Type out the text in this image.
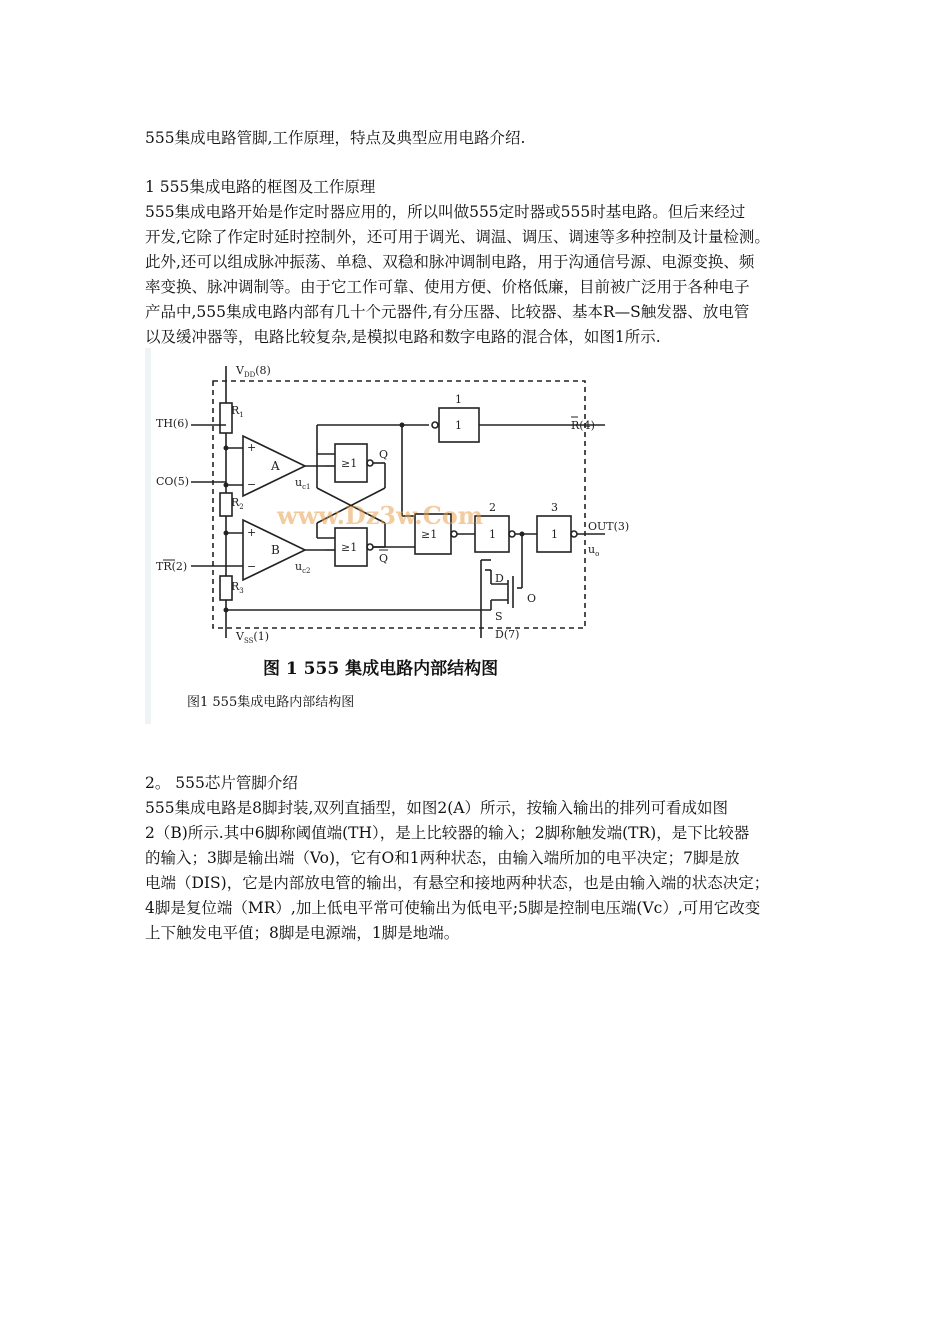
555集成电路管脚,工作原理，特点及典型应用电路介绍.
1 555集成电路的框图及工作原理
555集成电路开始是作定时器应用的，所以叫做555定时器或555时基电路。但后来经过
开发,它除了作定时延时控制外，还可用于调光、调温、调压、调速等多种控制及计量检测。
此外,还可以组成脉冲振荡、单稳、双稳和脉冲调制电路，用于沟通信号源、电源变换、频
率变换、脉冲调制等。由于它工作可靠、使用方便、价格低廉，目前被广泛用于各种电子
产品中,555集成电路内部有几十个元器件,有分压器、比较器、基本R—S触发器、放电管
以及缓冲器等，电路比较复杂,是模拟电路和数字电路的混合体，如图1所示.
$V_{DD}(8)$
$R_1$
$R_2$
$R_3$
TH(6)
CO(5)
TR(2)
+
−
+
−
A
B
$u_{c1}$
$u_{c2}$
≥1
≥1
≥1
1
1	1
1
2	3
Q
Q
R(4)
OUT(3)
$u_o$
D
S
O
D(7)
$V_{SS}(1)$
www.Dz3w.Com
图 1 555 集成电路内部结构图
图1 555集成电路内部结构图
2。 555芯片管脚介绍
555集成电路是8脚封装,双列直插型，如图2(A）所示，按输入输出的排列可看成如图
2（B)所示.其中6脚称阈值端(TH），是上比较器的输入；2脚称触发端(TR)，是下比较器
的输入；3脚是输出端（Vo)，它有O和1两种状态，由输入端所加的电平决定；7脚是放
电端（DIS)，它是内部放电管的输出，有悬空和接地两种状态，也是由输入端的状态决定；
4脚是复位端（MR）,加上低电平常可使输出为低电平;5脚是控制电压端(Vc）,可用它改变
上下触发电平值；8脚是电源端，1脚是地端。
